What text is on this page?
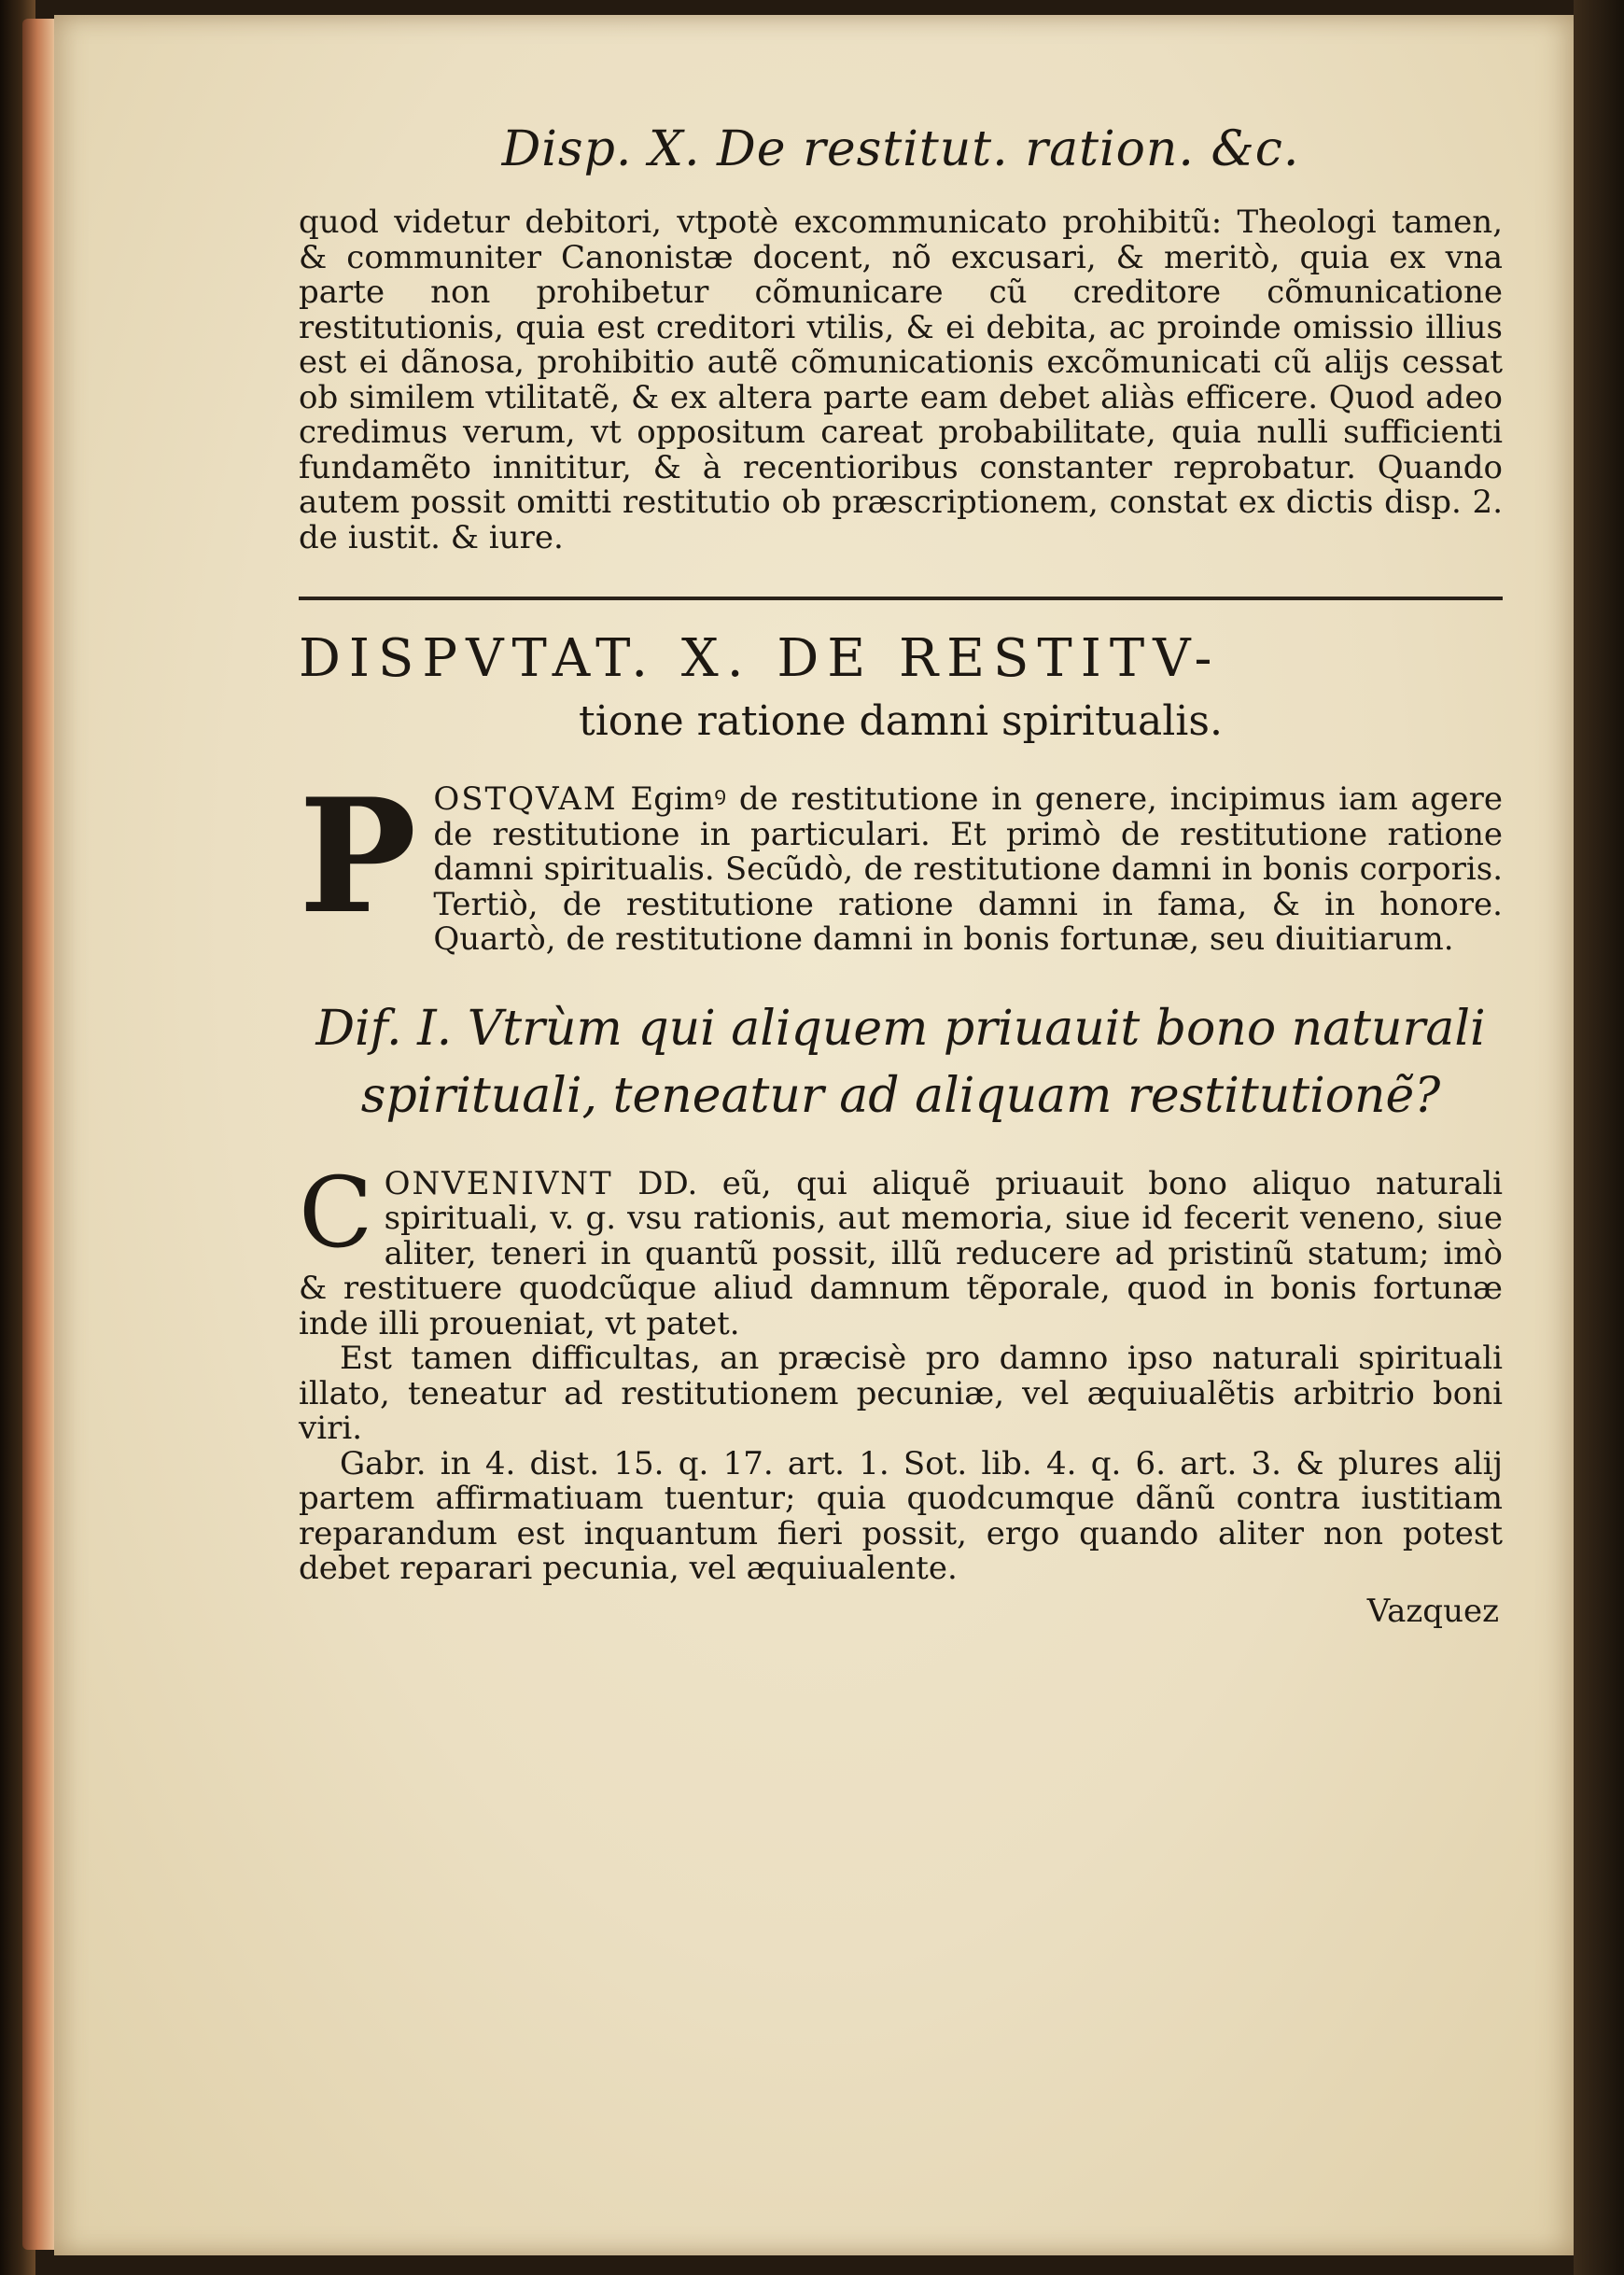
Disp. X. De restitut. ration. &c.

quod videtur debitori, vtpotè excommunicato prohibitũ: Theologi tamen, & communiter Canonistæ docent, nõ excusari, & meritò, quia ex vna parte non prohibetur cõmunicare cũ creditore cõmunicatione restitutionis, quia est creditori vtilis, & ei debita, ac proinde omissio illius est ei dãnosa, prohibitio autẽ cõmunicationis excõmunicati cũ alijs cessat ob similem vtilitatẽ, & ex altera parte eam debet aliàs efficere. Quod adeo credimus verum, vt oppositum careat probabilitate, quia nulli sufficienti fundamẽto innititur, & à recentioribus constanter reprobatur. Quando autem possit omitti restitutio ob præscriptionem, constat ex dictis disp. 2. de iustit. & iure.

DISPVTAT. X. DE RESTITV-
tione ratione damni spiritualis.
P OSTQVAM Egimꝰ de restitutione in genere, incipimus iam agere de restitutione in particulari. Et primò de restitutione ratione damni spiritualis. Secũdò, de restitutione damni in bonis corporis. Tertiò, de restitutione ratione damni in fama, & in honore. Quartò, de restitutione damni in bonis fortunæ, seu diuitiarum.
Dif. I. Vtrùm qui aliquem priuauit bono naturali spirituali, teneatur ad aliquam restitutionẽ?
C ONVENIVNT DD. eũ, qui aliquẽ priuauit bono aliquo naturali spirituali, v. g. vsu rationis, aut memoria, siue id fecerit veneno, siue aliter, teneri in quantũ possit, illũ reducere ad pristinũ statum; imò & restituere quodcũque aliud damnum tẽporale, quod in bonis fortunæ inde illi proueniat, vt patet.

Est tamen difficultas, an præcisè pro damno ipso naturali spirituali illato, teneatur ad restitutionem pecuniæ, vel æquiualẽtis arbitrio boni viri.

Gabr. in 4. dist. 15. q. 17. art. 1. Sot. lib. 4. q. 6. art. 3. & plures alij partem affirmatiuam tuentur; quia quodcumque dãnũ contra iustitiam reparandum est inquantum fieri possit, ergo quando aliter non potest debet reparari pecunia, vel æquiualente.

Vazquez
